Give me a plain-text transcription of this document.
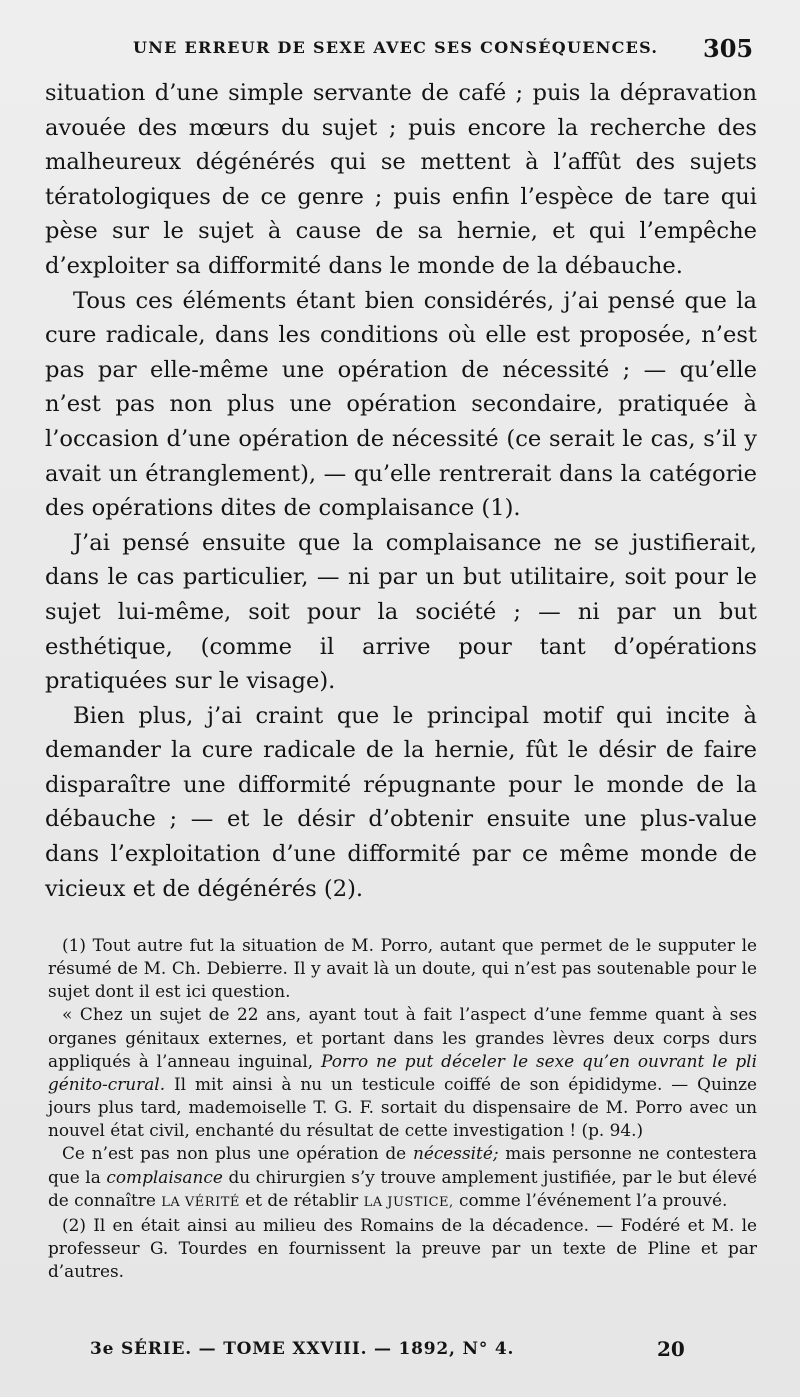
UNE ERREUR DE SEXE AVEC SES CONSÉQUENCES. 305

situation d’une simple servante de café ; puis la dépravation avouée des mœurs du sujet ; puis encore la recherche des malheureux dégénérés qui se mettent à l’affût des sujets tératologiques de ce genre ; puis enfin l’espèce de tare qui pèse sur le sujet à cause de sa hernie, et qui l’empêche d’exploiter sa difformité dans le monde de la débauche.

Tous ces éléments étant bien considérés, j’ai pensé que la cure radicale, dans les conditions où elle est proposée, n’est pas par elle-même une opération de nécessité ; — qu’elle n’est pas non plus une opération secondaire, pratiquée à l’occasion d’une opération de nécessité (ce serait le cas, s’il y avait un étranglement), — qu’elle rentrerait dans la catégorie des opérations dites de complaisance (1).

J’ai pensé ensuite que la complaisance ne se justifierait, dans le cas particulier, — ni par un but utilitaire, soit pour le sujet lui-même, soit pour la société ; — ni par un but esthétique, (comme il arrive pour tant d’opérations pratiquées sur le visage).

Bien plus, j’ai craint que le principal motif qui incite à demander la cure radicale de la hernie, fût le désir de faire disparaître une difformité répugnante pour le monde de la débauche ; — et le désir d’obtenir ensuite une plus-value dans l’exploitation d’une difformité par ce même monde de vicieux et de dégénérés (2).

(1) Tout autre fut la situation de M. Porro, autant que permet de le supputer le résumé de M. Ch. Debierre. Il y avait là un doute, qui n’est pas soutenable pour le sujet dont il est ici question.

« Chez un sujet de 22 ans, ayant tout à fait l’aspect d’une femme quant à ses organes génitaux externes, et portant dans les grandes lèvres deux corps durs appliqués à l’anneau inguinal, Porro ne put déceler le sexe qu’en ouvrant le pli génito-crural. Il mit ainsi à nu un testicule coiffé de son épididyme. — Quinze jours plus tard, mademoiselle T. G. F. sortait du dispensaire de M. Porro avec un nouvel état civil, enchanté du résultat de cette investigation ! (p. 94.)

Ce n’est pas non plus une opération de nécessité; mais personne ne contestera que la complaisance du chirurgien s’y trouve amplement justifiée, par le but élevé de connaître LA VÉRITÉ et de rétablir LA JUSTICE, comme l’événement l’a prouvé.

(2) Il en était ainsi au milieu des Romains de la décadence. — Fodéré et M. le professeur G. Tourdes en fournissent la preuve par un texte de Pline et par d’autres.

3e SÉRIE. — TOME XXVIII. — 1892, N° 4.	20
